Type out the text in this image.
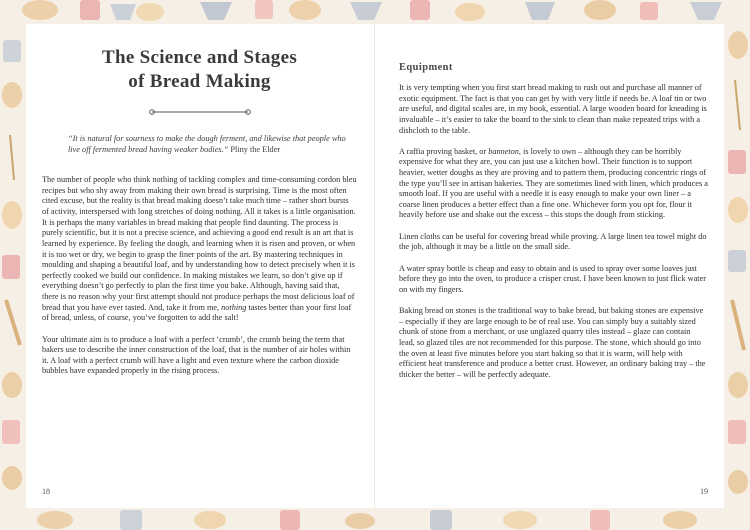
The Science and Stages
of Bread Making

“It is natural for sourness to make the dough ferment, and likewise that people who live off fermented bread having weaker bodies.” Pliny the Elder

The number of people who think nothing of tackling complex and time-consuming cordon bleu recipes but who shy away from making their own bread is surprising. Time is the most often cited excuse, but the reality is that bread making doesn’t take much time – rather short bursts of activity, interspersed with long stretches of doing nothing. All it takes is a little organisation. It is perhaps the many variables in bread making that people find daunting. The process is purely scientific, but it is not a precise science, and achieving a good end result is an art that is learned by experience. By feeling the dough, and learning when it is risen and proven, or when it is too wet or dry, we begin to grasp the finer points of the art. By mastering techniques in moulding and shaping a beautiful loaf, and by understanding how to detect precisely when it is perfectly cooked we build our confidence. In making mistakes we learn, so don’t give up if everything doesn’t go perfectly to plan the first time you bake. Although, having said that, there is no reason why your first attempt should not produce perhaps the most delicious loaf of bread that you have ever tasted. And, take it from me, nothing tastes better than your first loaf of bread, unless, of course, you’ve forgotten to add the salt!

Your ultimate aim is to produce a loaf with a perfect ‘crumb’, the crumb being the term that bakers use to describe the inner construction of the loaf, that is the number of air holes within it. A loaf with a perfect crumb will have a light and even texture where the carbon dioxide bubbles have expanded properly in the rising process.

18
Equipment

It is very tempting when you first start bread making to rush out and purchase all manner of exotic equipment. The fact is that you can get by with very little if needs be. A loaf tin or two are useful, and digital scales are, in my book, essential. A large wooden board for kneading is invaluable – it’s easier to take the board to the sink to clean than make repeated trips with a dishcloth to the table.

A raffia proving basket, or banneton, is lovely to own – although they can be horribly expensive for what they are, you can just use a kitchen bowl. Their function is to support heavier, wetter doughs as they are proving and to pattern them, producing concentric rings of the type you’ll see in artisan bakeries. They are sometimes lined with linen, which produces a smooth loaf. If you are useful with a needle it is easy enough to make your own liner – a coarse linen produces a better effect than a fine one. Whichever form you opt for, flour it heavily before use and shake out the excess – this stops the dough from sticking.

Linen cloths can be useful for covering bread while proving. A large linen tea towel might do the job, although it may be a little on the small side.

A water spray bottle is cheap and easy to obtain and is used to spray over some loaves just before they go into the oven, to produce a crisper crust. I have been known to just flick water on with my fingers.

Baking bread on stones is the traditional way to bake bread, but baking stones are expensive – especially if they are large enough to be of real use. You can simply buy a suitably sized chunk of stone from a merchant, or use unglazed quarry tiles instead – glaze can contain lead, so glazed tiles are not recommended for this purpose. The stone, which should go into the oven at least five minutes before you start baking so that it is warm, will help with efficient heat transference and produce a better crust. However, an ordinary baking tray – the thicker the better – will be perfectly adequate.

19
